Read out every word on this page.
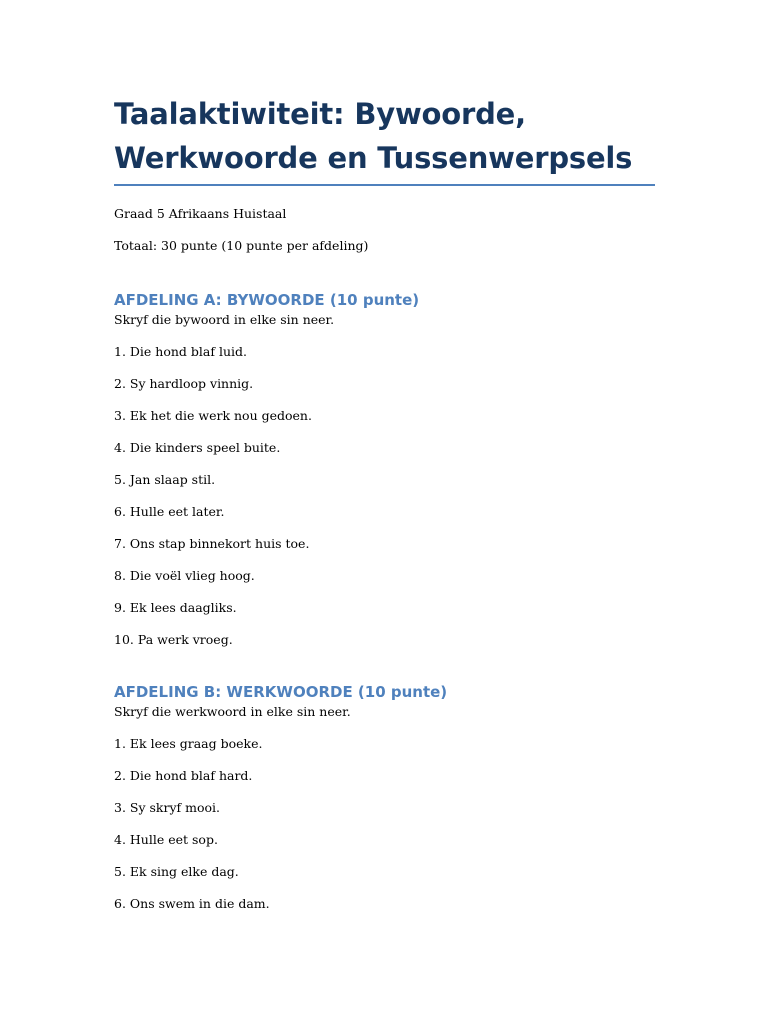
Taalaktiwiteit: Bywoorde, Werkwoorde en Tussenwerpsels

Graad 5 Afrikaans Huistaal

Totaal: 30 punte (10 punte per afdeling)

AFDELING A: BYWOORDE (10 punte)

Skryf die bywoord in elke sin neer.

1. Die hond blaf luid.
2. Sy hardloop vinnig.
3. Ek het die werk nou gedoen.
4. Die kinders speel buite.
5. Jan slaap stil.
6. Hulle eet later.
7. Ons stap binnekort huis toe.
8. Die voël vlieg hoog.
9. Ek lees daagliks.
10. Pa werk vroeg.
AFDELING B: WERKWOORDE (10 punte)

Skryf die werkwoord in elke sin neer.

1. Ek lees graag boeke.
2. Die hond blaf hard.
3. Sy skryf mooi.
4. Hulle eet sop.
5. Ek sing elke dag.
6. Ons swem in die dam.
